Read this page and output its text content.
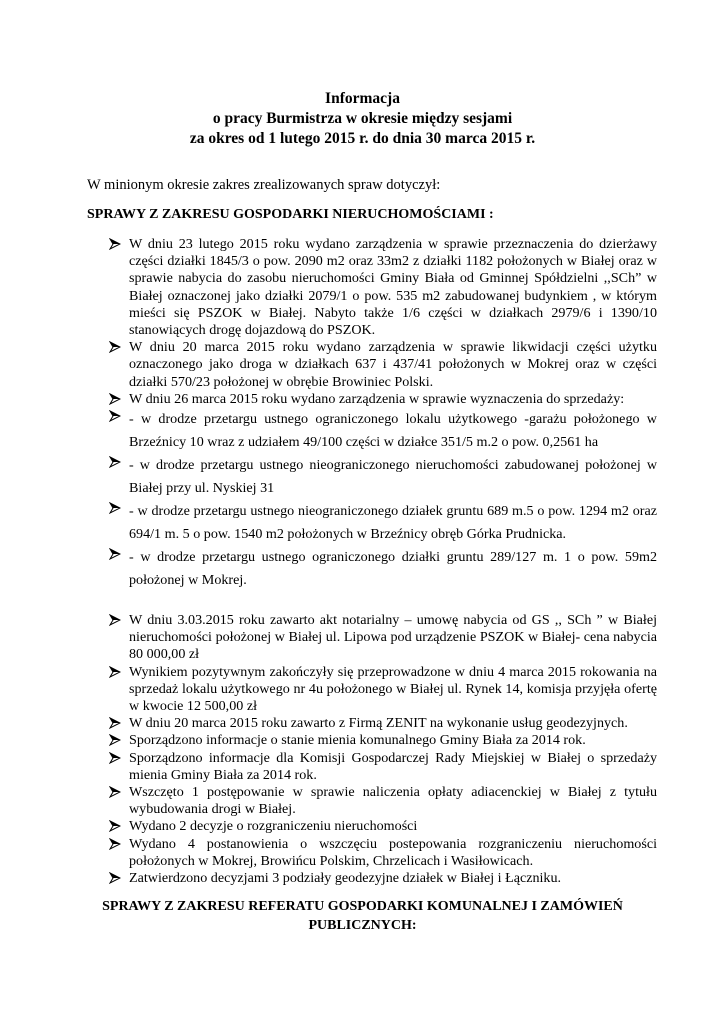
Informacja
o pracy Burmistrza w okresie między sesjami
za okres od 1 lutego 2015 r. do dnia 30 marca 2015 r.
W minionym okresie zakres zrealizowanych spraw dotyczył:
SPRAWY Z ZAKRESU GOSPODARKI NIERUCHOMOŚCIAMI :
W dniu 23 lutego 2015 roku wydano zarządzenia w sprawie przeznaczenia do dzierżawy części działki 1845/3 o pow. 2090 m2 oraz 33m2 z działki 1182 położonych w Białej oraz w sprawie nabycia do zasobu nieruchomości Gminy Biała od Gminnej Spółdzielni ,,SCh” w Białej oznaczonej jako działki 2079/1 o pow. 535 m2 zabudowanej budynkiem , w którym mieści się PSZOK w Białej. Nabyto także 1/6 części w działkach 2979/6 i 1390/10 stanowiących drogę dojazdową do PSZOK.
W dniu 20 marca 2015 roku wydano zarządzenia w sprawie likwidacji części użytku oznaczonego jako droga w działkach 637 i 437/41 położonych w Mokrej oraz w części działki 570/23 położonej w obrębie Browiniec Polski.
W dniu 26 marca 2015 roku wydano zarządzenia w sprawie wyznaczenia do sprzedaży:
- w drodze przetargu ustnego ograniczonego lokalu użytkowego -garażu położonego w Brzeźnicy 10 wraz z udziałem 49/100 części w działce 351/5 m.2 o pow. 0,2561 ha
- w drodze przetargu ustnego nieograniczonego nieruchomości zabudowanej położonej w Białej przy ul. Nyskiej 31
- w drodze przetargu ustnego nieograniczonego działek gruntu 689 m.5 o pow. 1294 m2 oraz 694/1 m. 5 o pow. 1540 m2 położonych w Brzeźnicy obręb Górka Prudnicka.
- w drodze przetargu ustnego ograniczonego działki gruntu 289/127 m. 1 o pow. 59m2 położonej w Mokrej.
W dniu 3.03.2015 roku zawarto akt notarialny – umowę nabycia od GS ,, SCh ” w Białej nieruchomości położonej w Białej ul. Lipowa pod urządzenie PSZOK w Białej- cena nabycia 80 000,00 zł
Wynikiem pozytywnym zakończyły się przeprowadzone w dniu 4 marca 2015 rokowania na sprzedaż lokalu użytkowego nr 4u położonego w Białej ul. Rynek 14, komisja przyjęła ofertę w kwocie 12 500,00 zł
W dniu 20 marca 2015 roku zawarto z Firmą ZENIT na wykonanie usług geodezyjnych.
Sporządzono informacje o stanie mienia komunalnego Gminy Biała za 2014 rok.
Sporządzono informacje dla Komisji Gospodarczej Rady Miejskiej w Białej o sprzedaży mienia Gminy Biała za 2014 rok.
Wszczęto 1 postępowanie w sprawie naliczenia opłaty adiacenckiej w Białej z tytułu wybudowania drogi w Białej.
Wydano 2 decyzje o rozgraniczeniu nieruchomości
Wydano 4 postanowienia o wszczęciu postepowania rozgraniczeniu nieruchomości położonych w Mokrej, Browińcu Polskim, Chrzelicach i Wasiłowicach.
Zatwierdzono decyzjami 3 podziały geodezyjne działek w Białej i Łączniku.
SPRAWY Z ZAKRESU REFERATU GOSPODARKI KOMUNALNEJ I ZAMÓWIEŃ PUBLICZNYCH:
